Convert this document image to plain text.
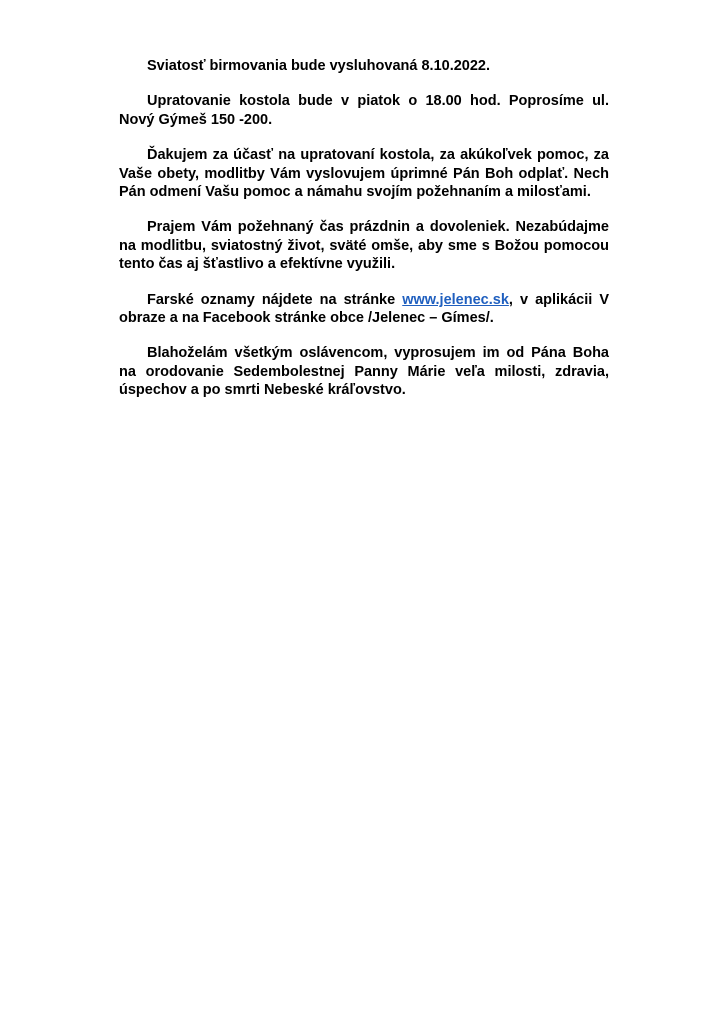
Sviatosť birmovania bude vysluhovaná 8.10.2022.

Upratovanie kostola bude v piatok o 18.00 hod. Poprosíme ul. Nový Gýmeš 150 -200.

Ďakujem za účasť na upratovaní kostola, za akúkoľvek pomoc, za Vaše obety, modlitby Vám vyslovujem úprimné Pán Boh odplať. Nech Pán odmení Vašu pomoc a námahu svojím požehnaním a milosťami.

Prajem Vám požehnaný čas prázdnin a dovoleniek. Nezabúdajme na modlitbu, sviatostný život, sväté omše, aby sme s Božou pomocou tento čas aj šťastlivo a efektívne využili.

Farské oznamy nájdete na stránke www.jelenec.sk, v aplikácii V obraze a na Facebook stránke obce /Jelenec – Gímes/.

Blahoželám všetkým oslávencom, vyprosujem im od Pána Boha na orodovanie Sedembolestnej Panny Márie veľa milosti, zdravia, úspechov a po smrti Nebeské kráľovstvo.
